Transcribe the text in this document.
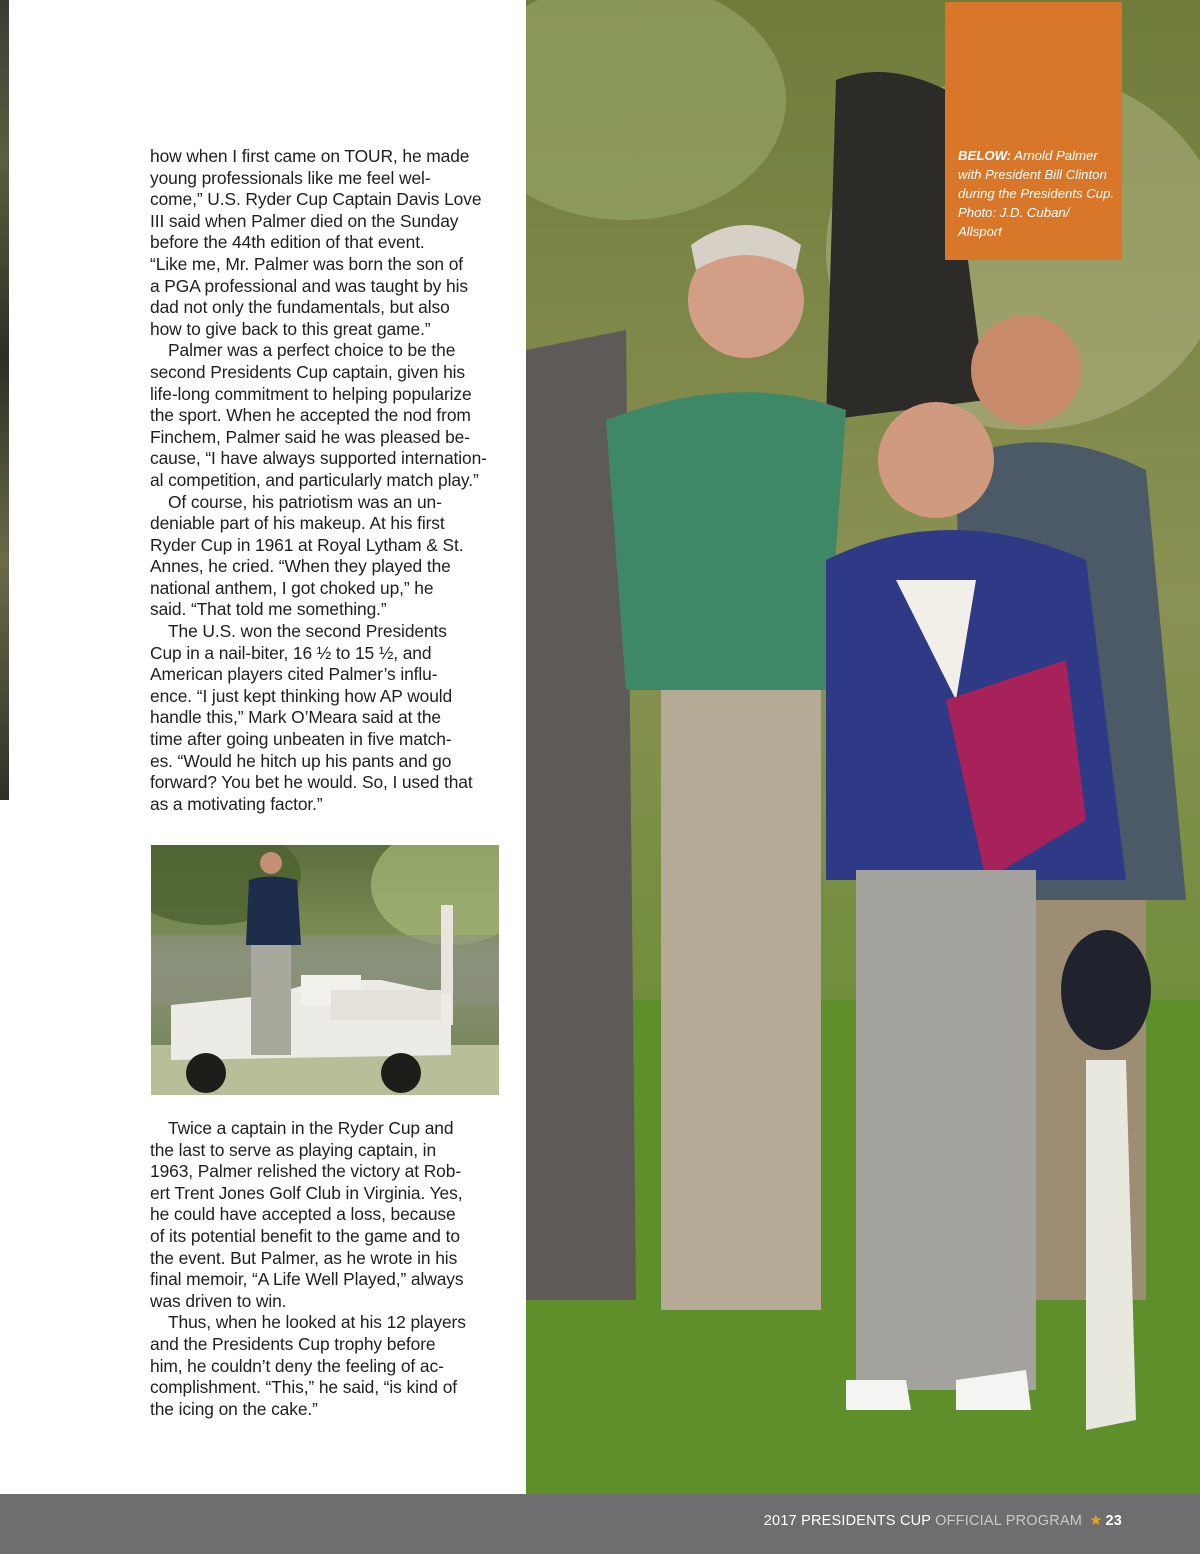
how when I first came on TOUR, he made
young professionals like me feel wel-
come,” U.S. Ryder Cup Captain Davis Love
III said when Palmer died on the Sunday
before the 44th edition of that event.
“Like me, Mr. Palmer was born the son of
a PGA professional and was taught by his
dad not only the fundamentals, but also
how to give back to this great game.”

Palmer was a perfect choice to be the
second Presidents Cup captain, given his
life-long commitment to helping popularize
the sport. When he accepted the nod from
Finchem, Palmer said he was pleased be-
cause, “I have always supported internation-
al competition, and particularly match play.”

Of course, his patriotism was an un-
deniable part of his makeup. At his first
Ryder Cup in 1961 at Royal Lytham & St.
Annes, he cried. “When they played the
national anthem, I got choked up,” he
said. “That told me something.”

The U.S. won the second Presidents
Cup in a nail-biter, 16 ½ to 15 ½, and
American players cited Palmer’s influ-
ence. “I just kept thinking how AP would
handle this,” Mark O’Meara said at the
time after going unbeaten in five match-
es. “Would he hitch up his pants and go
forward? You bet he would. So, I used that
as a motivating factor.”

Twice a captain in the Ryder Cup and
the last to serve as playing captain, in
1963, Palmer relished the victory at Rob-
ert Trent Jones Golf Club in Virginia. Yes,
he could have accepted a loss, because
of its potential benefit to the game and to
the event. But Palmer, as he wrote in his
final memoir, “A Life Well Played,” always
was driven to win.

Thus, when he looked at his 12 players
and the Presidents Cup trophy before
him, he couldn’t deny the feeling of ac-
complishment. “This,” he said, “is kind of
the icing on the cake.”

BELOW: Arnold Palmer with President Bill Clinton during the Presidents Cup. Photo: J.D. Cuban/ Allsport

2017 PRESIDENTS CUP OFFICIAL PROGRAM ★ 23
